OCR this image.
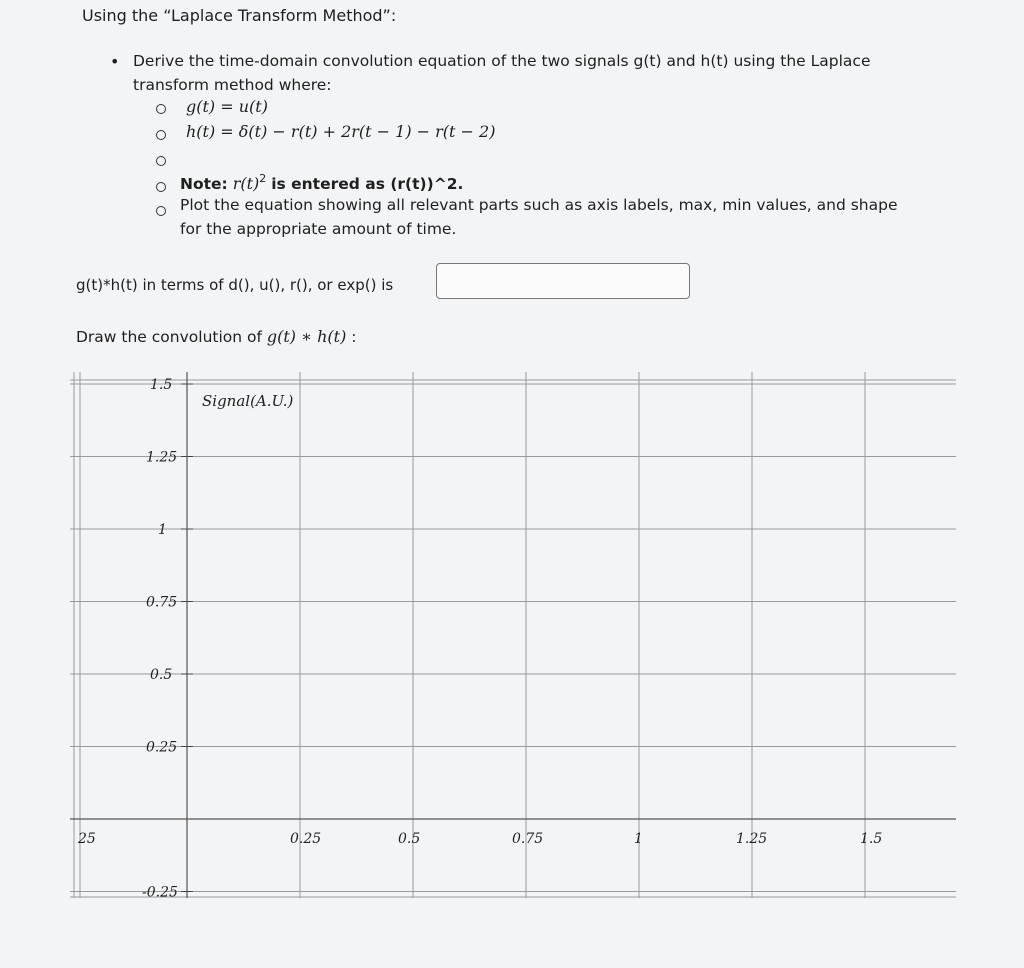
Using the “Laplace Transform Method”:
• Derive the time-domain convolution equation of the two signals g(t) and h(t) using the Laplace
transform method where:
g(t) = u(t)
h(t) = δ(t) − r(t) + 2r(t − 1) − r(t − 2)
Note: $r(t)^2$ is entered as (r(t))^2.
Plot the equation showing all relevant parts such as axis labels, max, min values, and shape
for the appropriate amount of time.
g(t)*h(t) in terms of d(), u(), r(), or exp() is
Draw the convolution of g(t) ∗ h(t) :
1.5
1.25
1
0.75
0.5
0.25
-0.25
25	0.25	0.5	0.75	1	1.25	1.5
Signal(A.U.)
